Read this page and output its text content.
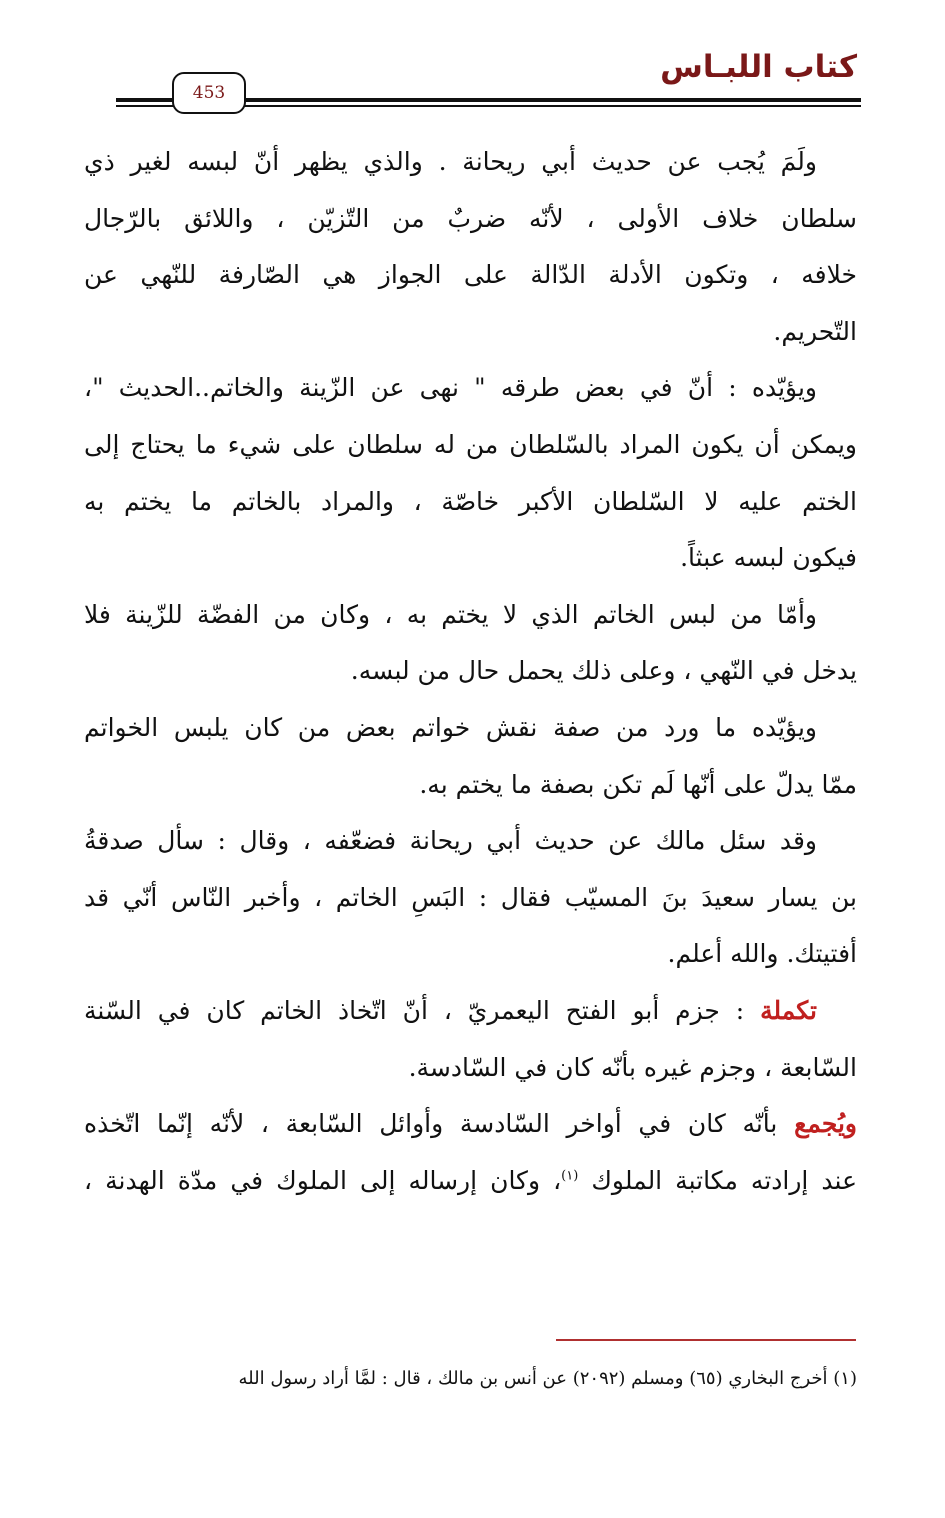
كتاب اللبـاس
453
ولَمَ يُجب عن حديث أبي ريحانة . والذي يظهر أنّ لبسه لغير ذي
سلطان خلاف الأولى ، لأنّه ضربٌ من التّزيّن ، واللائق بالرّجال
خلافه ، وتكون الأدلة الدّالة على الجواز هي الصّارفة للنّهي عن
التّحريم.
ويؤيّده : أنّ في بعض طرقه " نهى عن الزّينة والخاتم..الحديث "،
ويمكن أن يكون المراد بالسّلطان من له سلطان على شيء ما يحتاج إلى
الختم عليه لا السّلطان الأكبر خاصّة ، والمراد بالخاتم ما يختم به
فيكون لبسه عبثاً.
وأمّا من لبس الخاتم الذي لا يختم به ، وكان من الفضّة للزّينة فلا
يدخل في النّهي ، وعلى ذلك يحمل حال من لبسه.
ويؤيّده ما ورد من صفة نقش خواتم بعض من كان يلبس الخواتم
ممّا يدلّ على أنّها لَم تكن بصفة ما يختم به.
وقد سئل مالك عن حديث أبي ريحانة فضعّفه ، وقال : سأل صدقةُ
بن يسار سعيدَ بنَ المسيّب فقال : البَسِ الخاتم ، وأخبر النّاس أنّي قد
أفتيتك. والله أعلم.
تكملة : جزم أبو الفتح اليعمريّ ، أنّ اتّخاذ الخاتم كان في السّنة
السّابعة ، وجزم غيره بأنّه كان في السّادسة.
ويُجمع بأنّه كان في أواخر السّادسة وأوائل السّابعة ، لأنّه إنّما اتّخذه
عند إرادته مكاتبة الملوك $^{(١)}$، وكان إرساله إلى الملوك في مدّة الهدنة ،
(١) أخرج البخاري (٦٥) ومسلم (٢٠٩٢) عن أنس بن مالك ، قال : لمَّا أراد رسول الله
